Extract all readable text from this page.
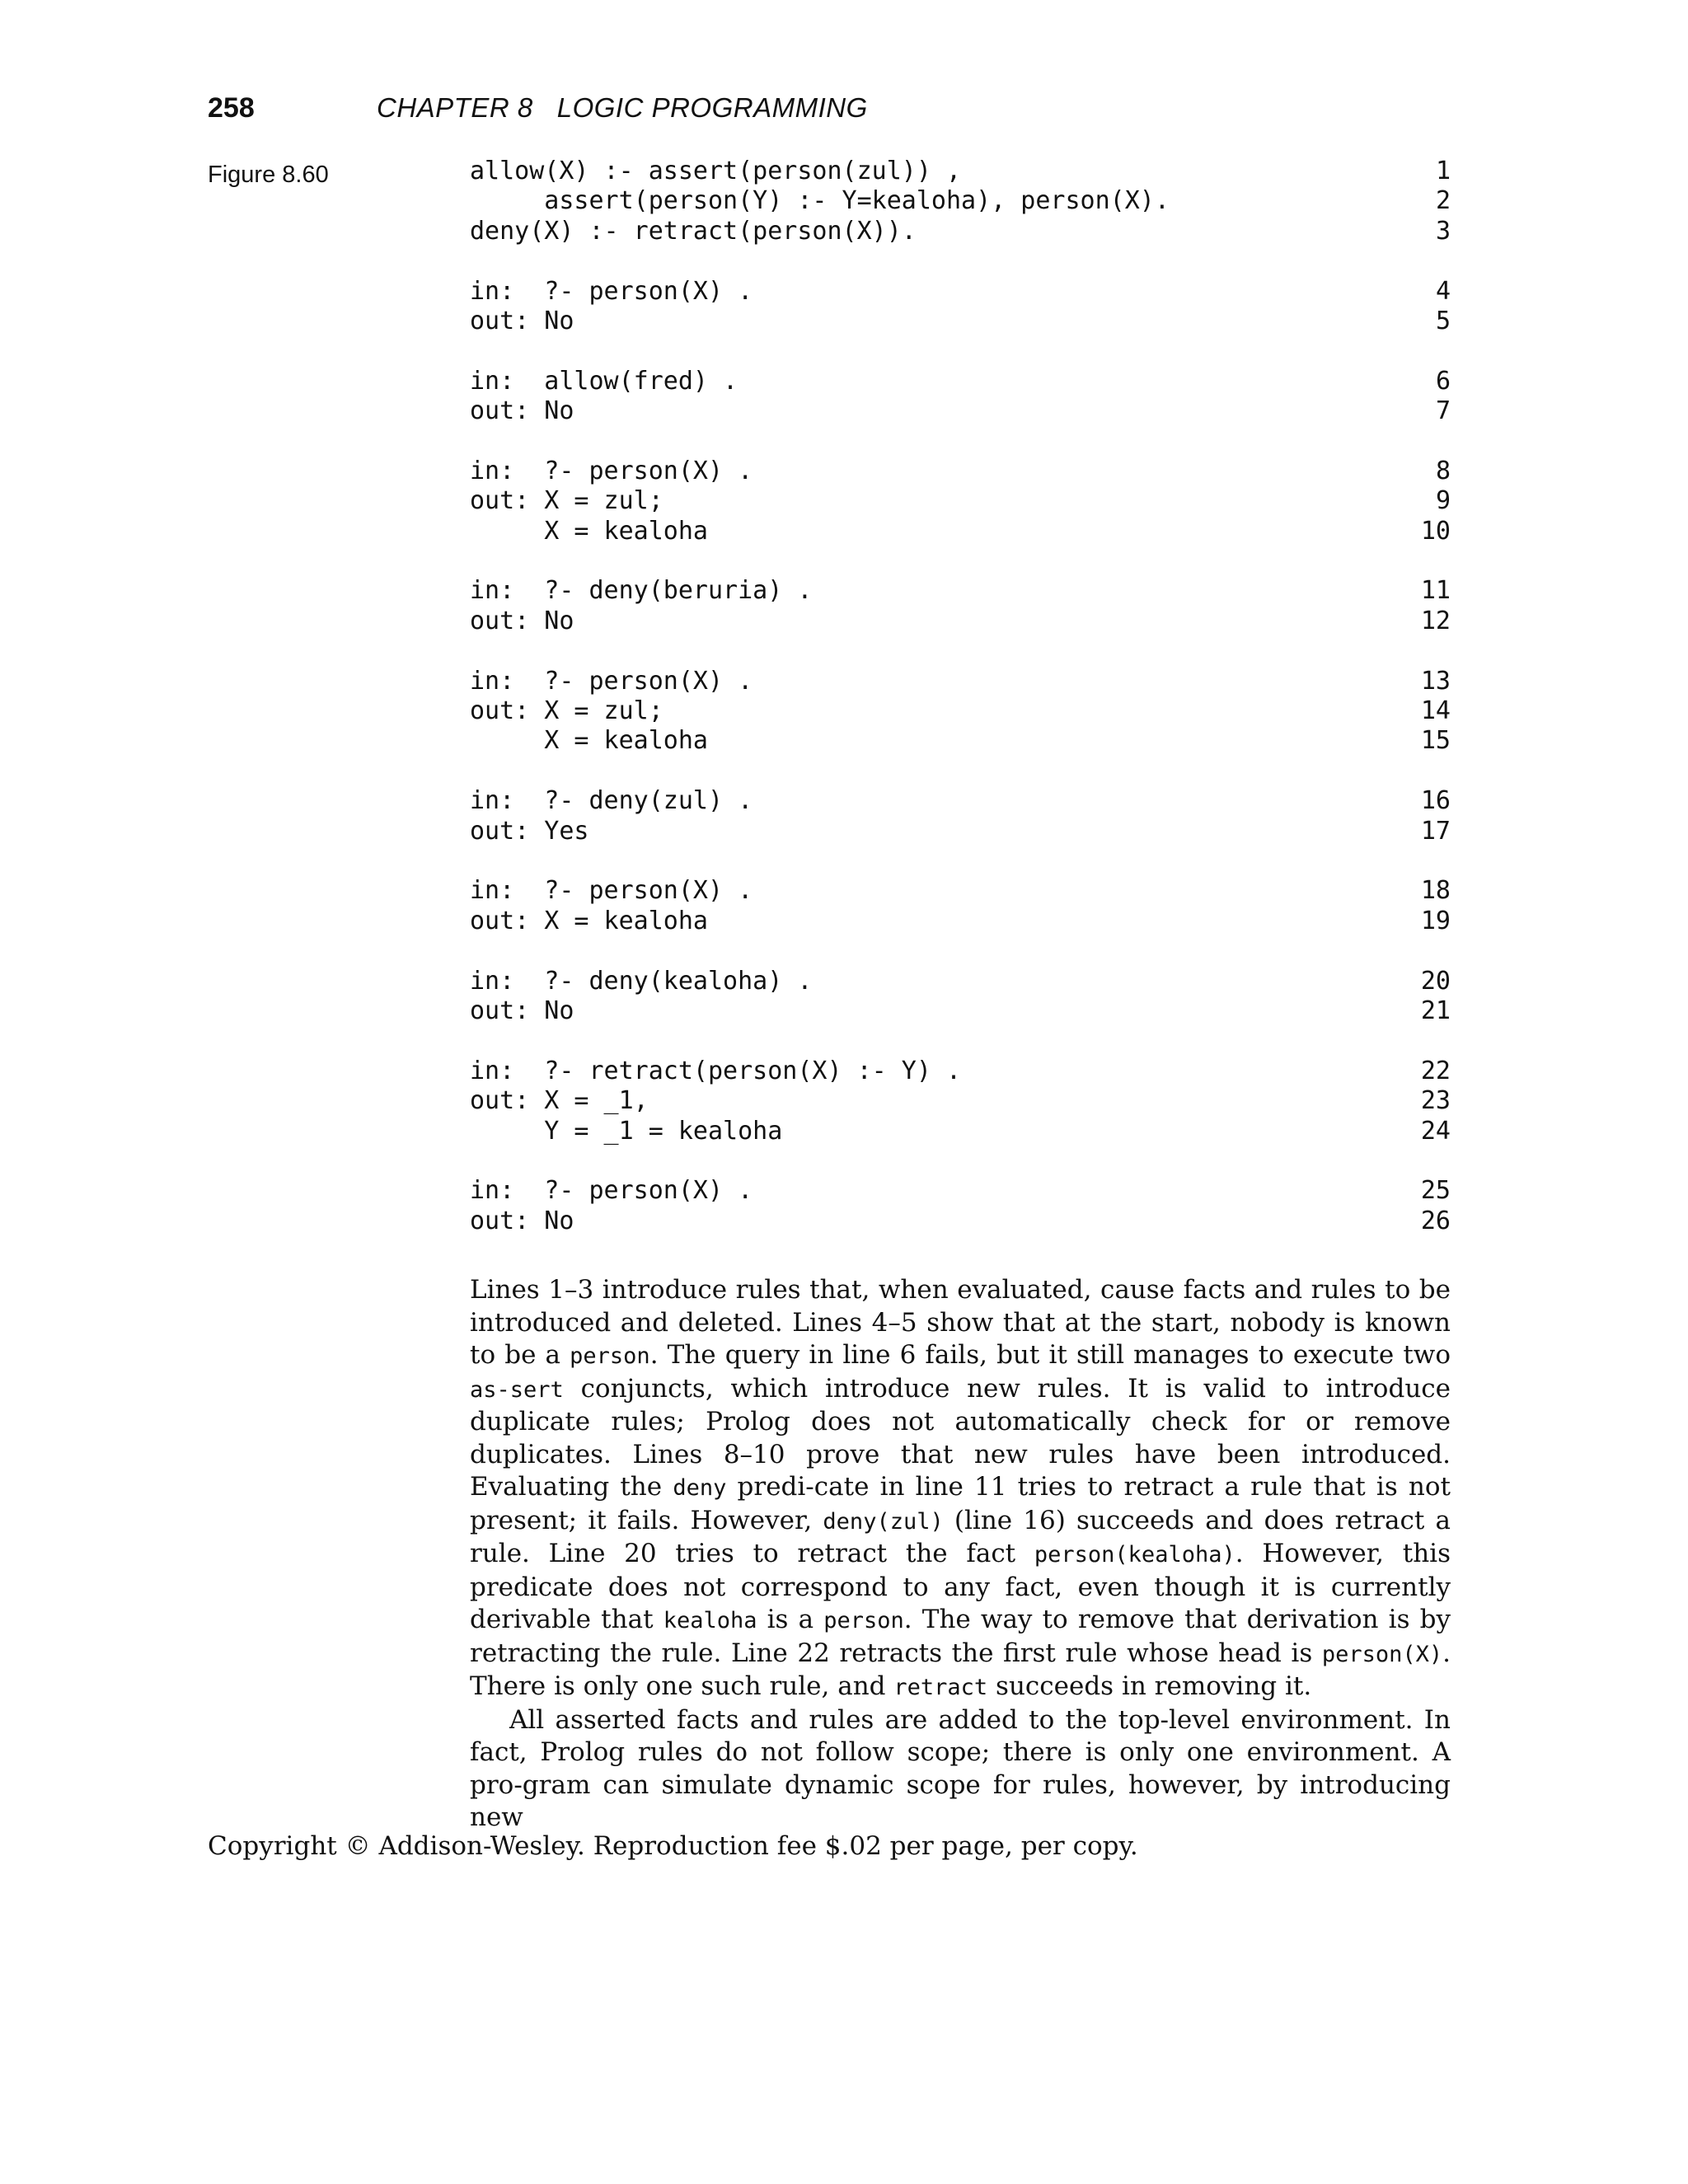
258	CHAPTER 8   LOGIC PROGRAMMING
Figure 8.60	allow(X) :- assert(person(zul)) ,	1
assert(person(Y) :- Y=kealoha), person(X).	2
deny(X) :- retract(person(X)).	3
in:  ?- person(X) .	4
out: No	5
in:  allow(fred) .	6
out: No	7
in:  ?- person(X) .	8
out: X = zul;	9
X = kealoha	10
in:  ?- deny(beruria) .	11
out: No	12
in:  ?- person(X) .	13
out: X = zul;	14
X = kealoha	15
in:  ?- deny(zul) .	16
out: Yes	17
in:  ?- person(X) .	18
out: X = kealoha	19
in:  ?- deny(kealoha) .	20
out: No	21
in:  ?- retract(person(X) :- Y) .	22
out: X = _1,	23
Y = _1 = kealoha	24
in:  ?- person(X) .	25
out: No	26

Lines 1–3 introduce rules that, when evaluated, cause facts and rules to be introduced and deleted. Lines 4–5 show that at the start, nobody is known to be a person. The query in line 6 fails, but it still manages to execute two as-sert conjuncts, which introduce new rules. It is valid to introduce duplicate rules; Prolog does not automatically check for or remove duplicates. Lines 8–10 prove that new rules have been introduced. Evaluating the deny predi-cate in line 11 tries to retract a rule that is not present; it fails. However, deny(zul) (line 16) succeeds and does retract a rule. Line 20 tries to retract the fact person(kealoha). However, this predicate does not correspond to any fact, even though it is currently derivable that kealoha is a person. The way to remove that derivation is by retracting the rule. Line 22 retracts the first rule whose head is person(X). There is only one such rule, and retract succeeds in removing it.

All asserted facts and rules are added to the top-level environment. In fact, Prolog rules do not follow scope; there is only one environment. A pro-gram can simulate dynamic scope for rules, however, by introducing new

Copyright © Addison-Wesley. Reproduction fee $.02 per page, per copy.
